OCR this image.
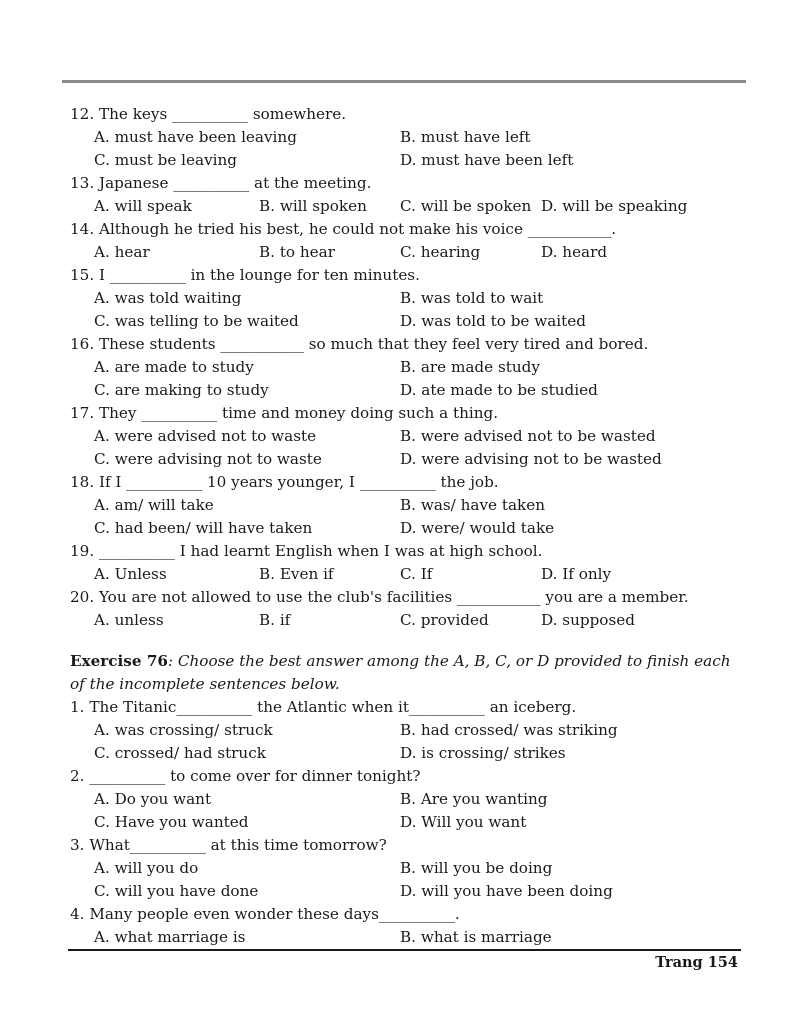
12. The keys __________ somewhere.
A. must have been leaving	B. must have left
C. must be leaving	D. must have been left
13. Japanese __________ at the meeting.
A. will speak	B. will spoken C. will be spoken D. will be speaking
14. Although he tried his best, he could not make his voice ___________.
A. hear	B. to hear	C. hearing	D. heard
15. I __________ in the lounge for ten minutes.
A. was told waiting	B. was told to wait
C. was telling to be waited	D. was told to be waited
16. These students ___________ so much that they feel very tired and bored.
A. are made to study	B. are made study
C. are making to study	D. ate made to be studied
17. They __________ time and money doing such a thing.
A. were advised not to waste	B. were advised not to be wasted
C. were advising not to waste	D. were advising not to be wasted
18. If I __________ 10 years younger, I __________ the job.
A. am/ will take	B. was/ have taken
C. had been/ will have taken	D. were/ would take
19. __________ I had learnt English when I was at high school.
A. Unless	B. Even if	C. If	D. If only
20. You are not allowed to use the club's facilities ___________ you are a member.
A. unless	B. if	C. provided	D. supposed
Exercise 76: Choose the best answer among the A, B, C, or D provided to finish each of the incomplete sentences below.
1. The Titanic__________ the Atlantic when it__________ an iceberg.
A. was crossing/ struck	B. had crossed/ was striking
C. crossed/ had struck	D. is crossing/ strikes
2. __________ to come over for dinner tonight?
A. Do you want	B. Are you wanting
C. Have you wanted	D. Will you want
3. What__________ at this time tomorrow?
A. will you do	B. will you be doing
C. will you have done	D. will you have been doing
4. Many people even wonder these days__________.
A. what marriage is	B. what is marriage
Trang 154
